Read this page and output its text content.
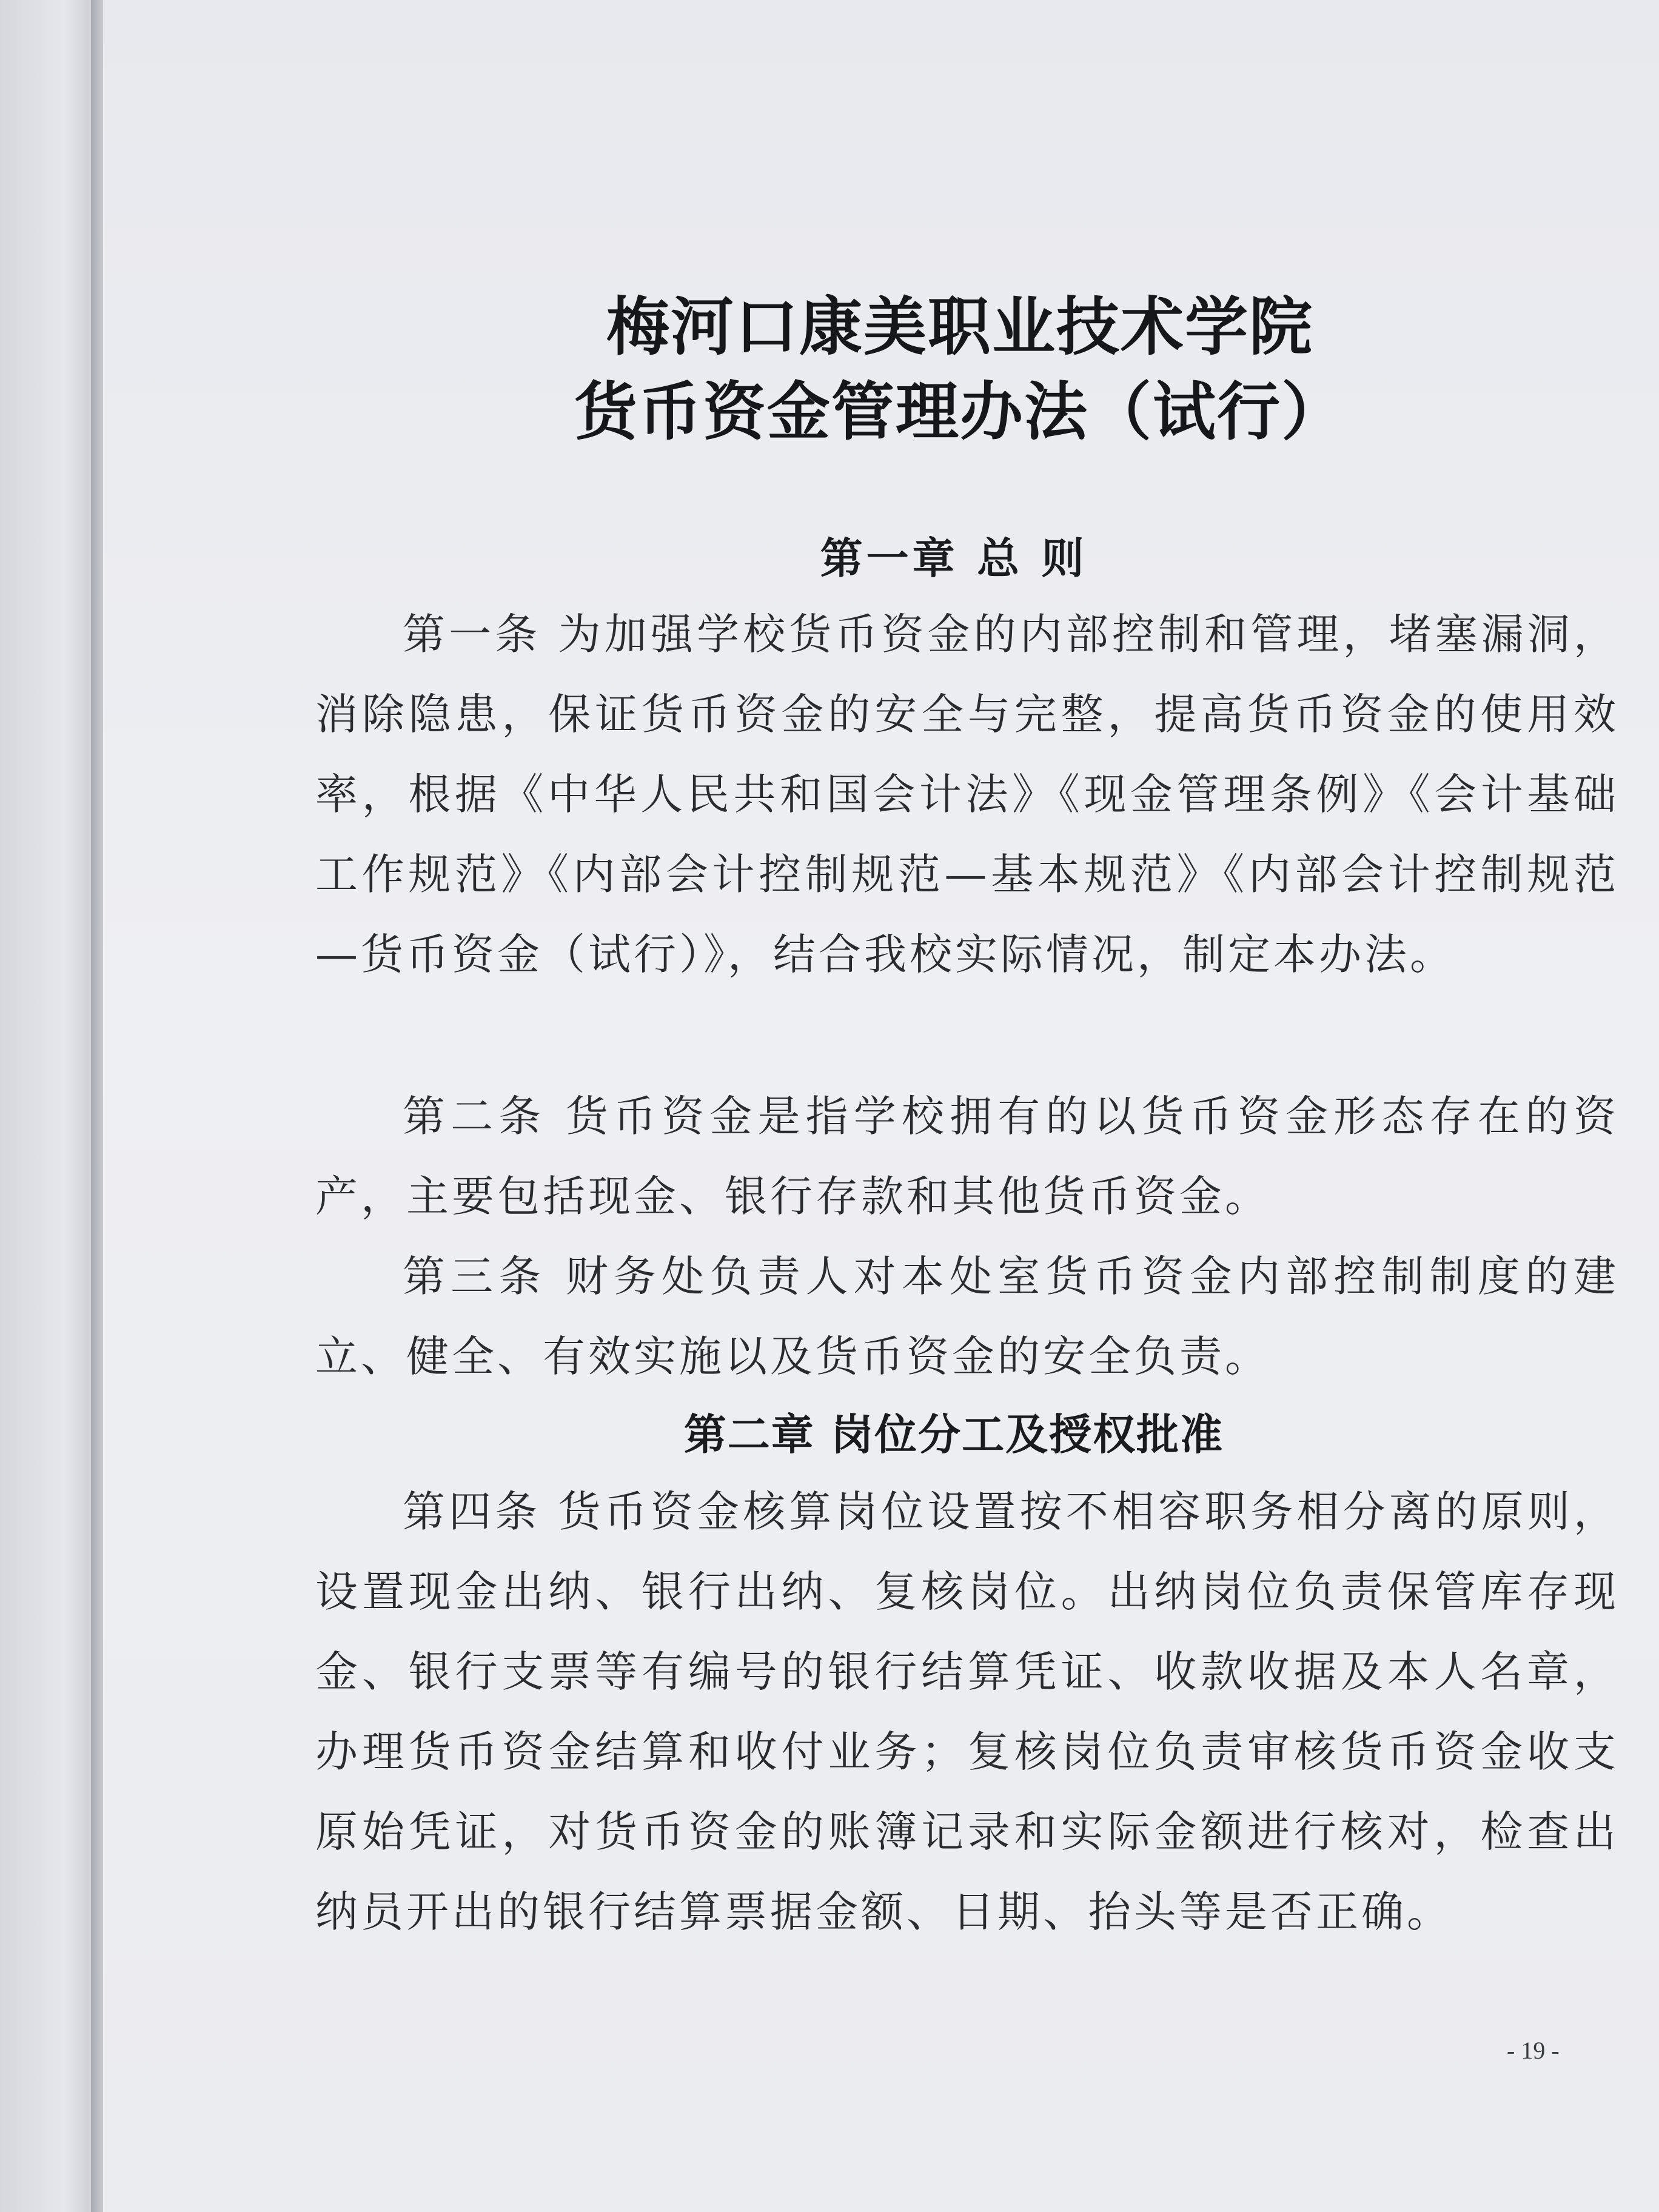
梅河口康美职业技术学院
货币资金管理办法（试行）
第一章 总 则

第一条 为加强学校货币资金的内部控制和管理，堵塞漏洞，消除隐患，保证货币资金的安全与完整，提高货币资金的使用效率，根据《中华人民共和国会计法》《现金管理条例》《会计基础工作规范》《内部会计控制规范—基本规范》《内部会计控制规范—货币资金（试行）》，结合我校实际情况，制定本办法。

第二条 货币资金是指学校拥有的以货币资金形态存在的资产，主要包括现金、银行存款和其他货币资金。

第三条 财务处负责人对本处室货币资金内部控制制度的建立、健全、有效实施以及货币资金的安全负责。

第二章 岗位分工及授权批准

第四条 货币资金核算岗位设置按不相容职务相分离的原则，设置现金出纳、银行出纳、复核岗位。出纳岗位负责保管库存现金、银行支票等有编号的银行结算凭证、收款收据及本人名章，办理货币资金结算和收付业务；复核岗位负责审核货币资金收支原始凭证，对货币资金的账簿记录和实际金额进行核对，检查出纳员开出的银行结算票据金额、日期、抬头等是否正确。

- 19 -
